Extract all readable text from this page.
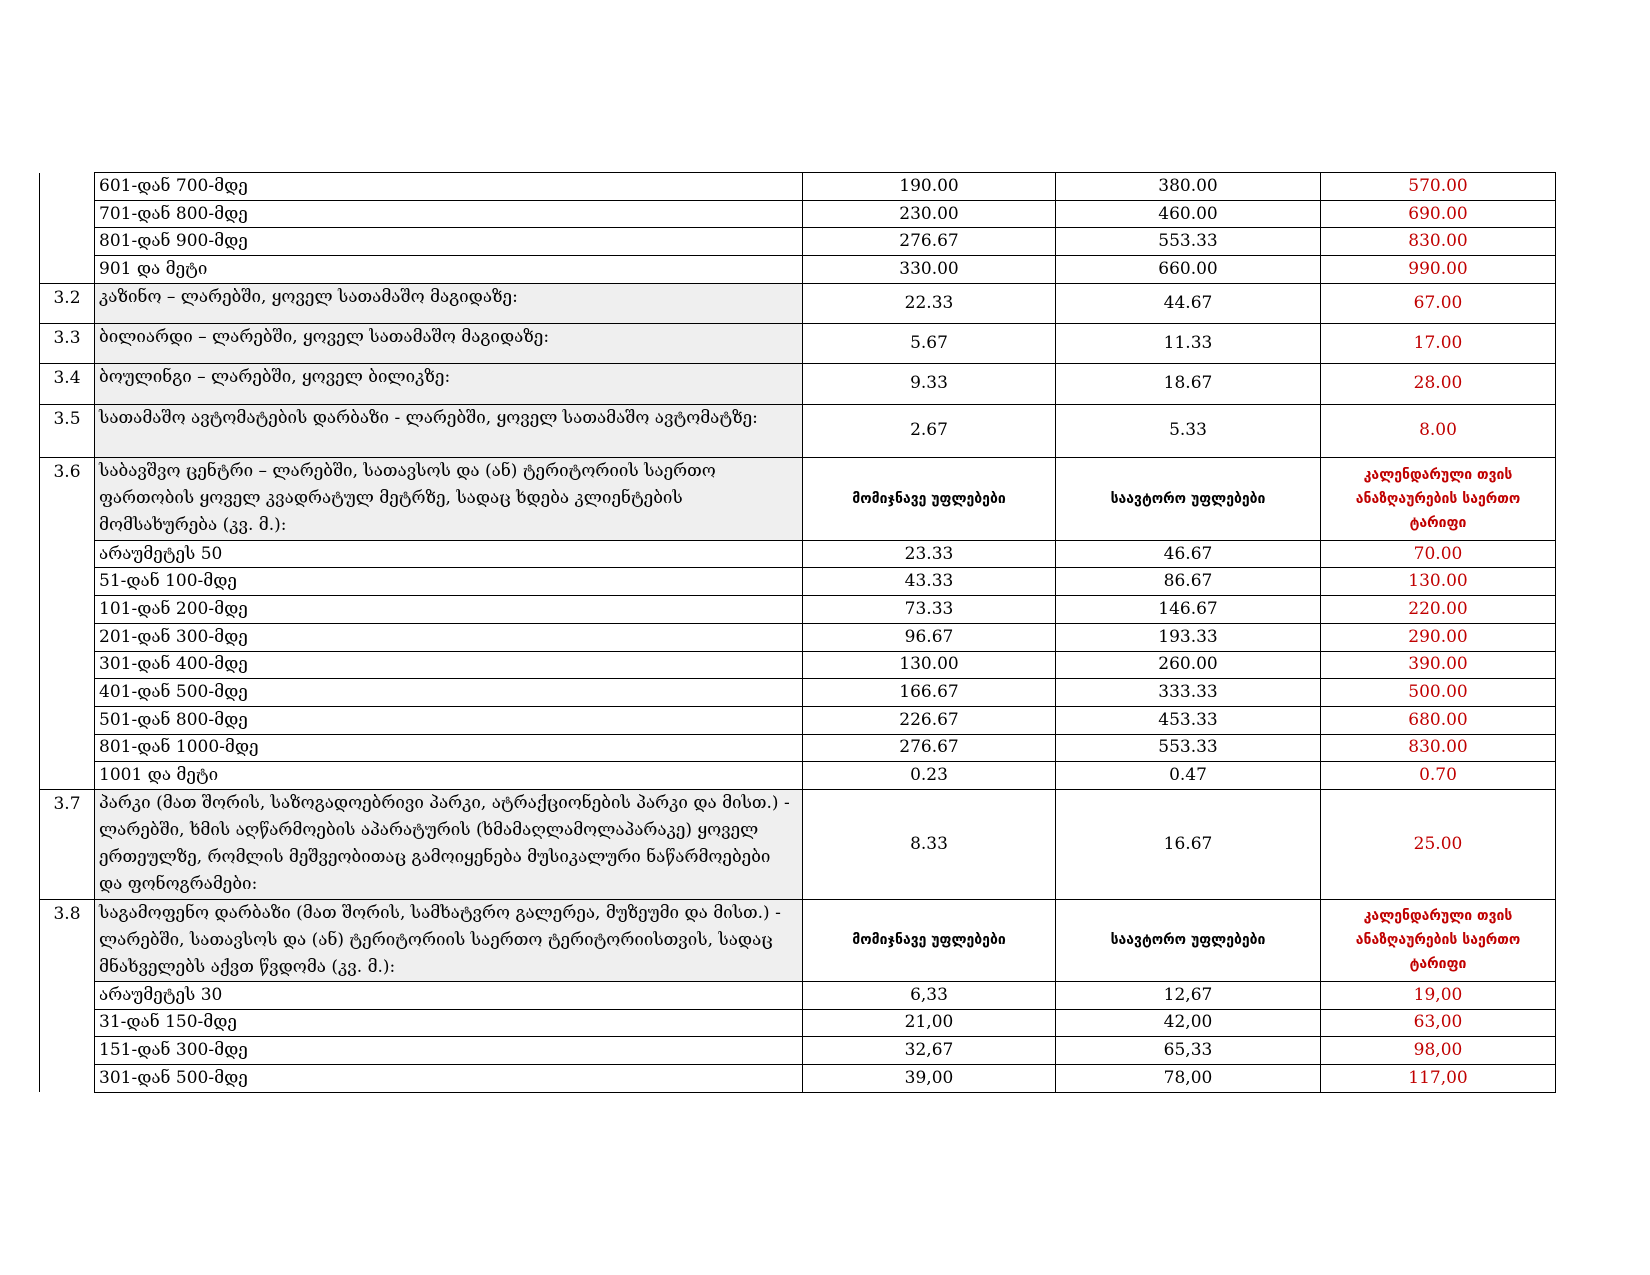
	601-დან 700-მდე	190.00	380.00	570.00
	701-დან 800-მდე	230.00	460.00	690.00
	801-დან 900-მდე	276.67	553.33	830.00
	901 და მეტი	330.00	660.00	990.00
3.2	კაზინო – ლარებში, ყოველ სათამაშო მაგიდაზე:	22.33	44.67	67.00
3.3	ბილიარდი – ლარებში, ყოველ სათამაშო მაგიდაზე:	5.67	11.33	17.00
3.4	ბოულინგი – ლარებში, ყოველ ბილიკზე:	9.33	18.67	28.00
3.5	სათამაშო ავტომატების დარბაზი - ლარებში, ყოველ სათამაშო ავტომატზე:	2.67	5.33	8.00
3.6	საბავშვო ცენტრი – ლარებში, სათავსოს და (ან) ტერიტორიის საერთო ფართობის ყოველ კვადრატულ მეტრზე, სადაც ხდება კლიენტების მომსახურება (კვ. მ.):	მომიჯნავე უფლებები	საავტორო უფლებები	კალენდარული თვის ანაზღაურების საერთო ტარიფი
	არაუმეტეს 50	23.33	46.67	70.00
	51-დან 100-მდე	43.33	86.67	130.00
	101-დან 200-მდე	73.33	146.67	220.00
	201-დან 300-მდე	96.67	193.33	290.00
	301-დან 400-მდე	130.00	260.00	390.00
	401-დან 500-მდე	166.67	333.33	500.00
	501-დან 800-მდე	226.67	453.33	680.00
	801-დან 1000-მდე	276.67	553.33	830.00
	1001 და მეტი	0.23	0.47	0.70
3.7	პარკი (მათ შორის, საზოგადოებრივი პარკი, ატრაქციონების პარკი და მისთ.) - ლარებში, ხმის აღწარმოების აპარატურის (ხმამაღლამოლაპარაკე) ყოველ ერთეულზე, რომლის მეშვეობითაც გამოიყენება მუსიკალური ნაწარმოებები და ფონოგრამები:	8.33	16.67	25.00
3.8	საგამოფენო დარბაზი (მათ შორის, სამხატვრო გალერეა, მუზეუმი და მისთ.) - ლარებში, სათავსოს და (ან) ტერიტორიის საერთო ტერიტორიისთვის, სადაც მნახველებს აქვთ წვდომა (კვ. მ.):	მომიჯნავე უფლებები	საავტორო უფლებები	კალენდარული თვის ანაზღაურების საერთო ტარიფი
	არაუმეტეს 30	6,33	12,67	19,00
	31-დან 150-მდე	21,00	42,00	63,00
	151-დან 300-მდე	32,67	65,33	98,00
	301-დან 500-მდე	39,00	78,00	117,00
